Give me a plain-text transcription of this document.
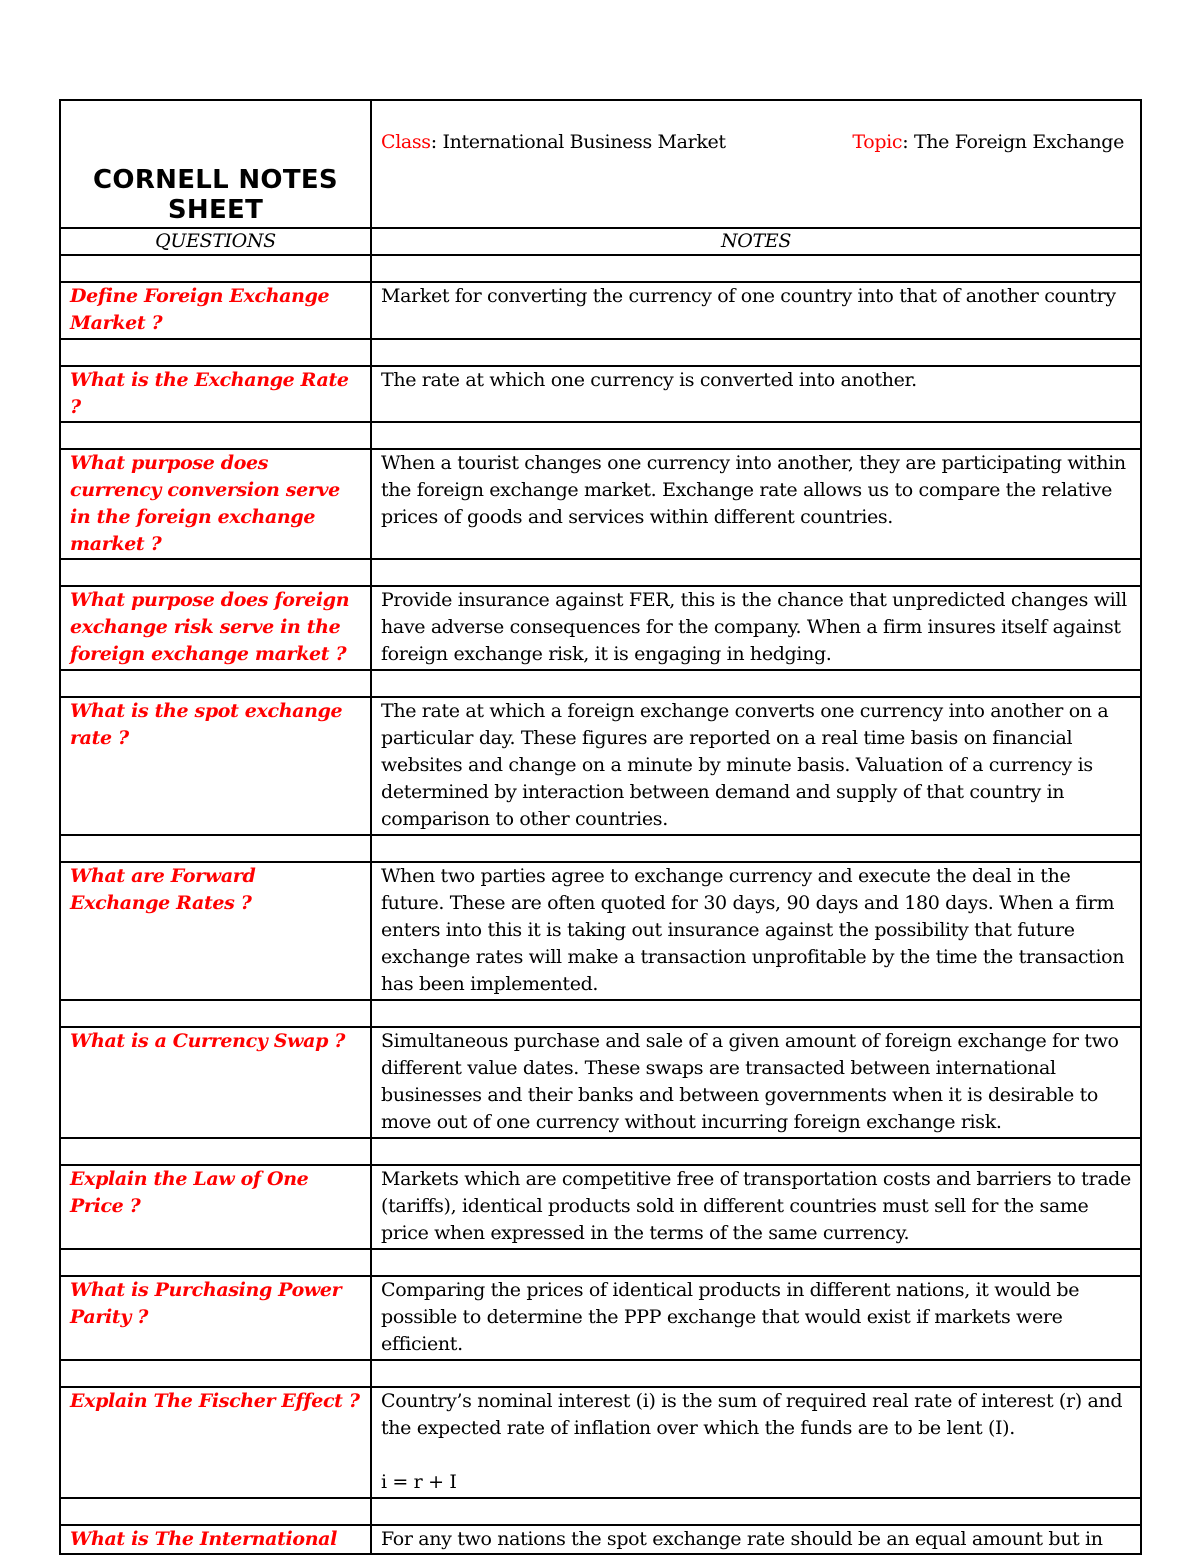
CORNELL NOTES SHEET	Class: International Business Market Topic: The Foreign Exchange

QUESTIONS	NOTES

Define Foreign Exchange Market ?	Market for converting the currency of one country into that of another country

What is the Exchange Rate ?	The rate at which one currency is converted into another.

What purpose does currency conversion serve in the foreign exchange market ?	When a tourist changes one currency into another, they are participating within the foreign exchange market. Exchange rate allows us to compare the relative prices of goods and services within different countries.

What purpose does foreign exchange risk serve in the foreign exchange market ?	Provide insurance against FER, this is the chance that unpredicted changes will have adverse consequences for the company. When a firm insures itself against foreign exchange risk, it is engaging in hedging.

What is the spot exchange rate ?	The rate at which a foreign exchange converts one currency into another on a particular day. These figures are reported on a real time basis on financial websites and change on a minute by minute basis. Valuation of a currency is determined by interaction between demand and supply of that country in comparison to other countries.

What are Forward Exchange Rates ?	When two parties agree to exchange currency and execute the deal in the future. These are often quoted for 30 days, 90 days and 180 days. When a firm enters into this it is taking out insurance against the possibility that future exchange rates will make a transaction unprofitable by the time the transaction has been implemented.

What is a Currency Swap ?	Simultaneous purchase and sale of a given amount of foreign exchange for two different value dates. These swaps are transacted between international businesses and their banks and between governments when it is desirable to move out of one currency without incurring foreign exchange risk.

Explain the Law of One Price ?	Markets which are competitive free of transportation costs and barriers to trade (tariffs), identical products sold in different countries must sell for the same price when expressed in the terms of the same currency.

What is Purchasing Power Parity ?	Comparing the prices of identical products in different nations, it would be possible to determine the PPP exchange that would exist if markets were efficient.

Explain The Fischer Effect ?	Country’s nominal interest (i) is the sum of required real rate of interest (r) and the expected rate of inflation over which the funds are to be lent (I).
i = r + I

What is The International	For any two nations the spot exchange rate should be an equal amount but in
